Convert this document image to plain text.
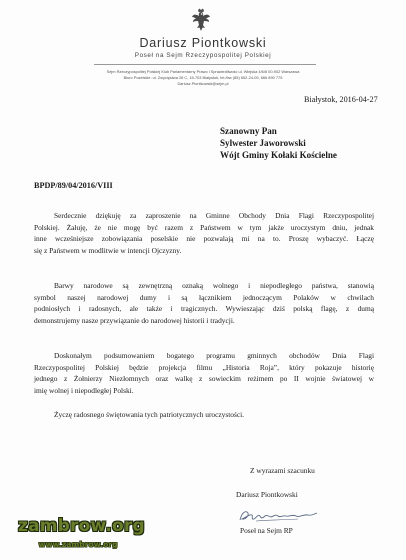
Dariusz Piontkowski
Poseł na Sejm Rzeczypospolitej Polskiej
Sejm Rzeczypospolitej Polskiej Klub Parlamentarny Prawo i Sprawiedliwość ul. Wiejska 4/6/8 00-902 Warszawa
Biuro Poselskie: ul. Zwycięstwa 26 C, 15-703 Białystok, tel./fax (85) 652-24-09, 666 890 775
Dariusz.Piontkowski@sejm.pl
Białystok, 2016-04-27
Szanowny Pan
Sylwester Jaworowski
Wójt Gminy Kołaki Kościelne
BPDP/89/04/2016/VIII
Serdecznie dziękuję za zaproszenie na Gminne Obchody Dnia Flagi Rzeczypospolitej
Polskiej. Żałuję, że nie mogę być razem z Państwem w tym jakże uroczystym dniu, jednak
inne wcześniejsze zobowiązania poselskie nie pozwalają mi na to. Proszę wybaczyć. Łączę
się z Państwem w modlitwie w intencji Ojczyzny.
Barwy narodowe są zewnętrzną oznaką wolnego i niepodległego państwa, stanowią
symbol naszej narodowej dumy i są łącznikiem jednoczącym Polaków w chwilach
podniosłych i radosnych, ale także i tragicznych. Wywieszając dziś polską flagę, z dumą
demonstrujemy nasze przywiązanie do narodowej historii i tradycji.
Doskonałym podsumowaniem bogatego programu gminnych obchodów Dnia Flagi
Rzeczypospolitej Polskiej będzie projekcja filmu „Historia Roja”, który pokazuje historię
jednego z Żołnierzy Niezłomnych oraz walkę z sowieckim reżimem po II wojnie światowej w
imię wolnej i niepodległej Polski.
Życzę radosnego świętowania tych patriotycznych uroczystości.
Z wyrazami szacunku
Dariusz Piontkowski
Poseł na Sejm RP
zambrow.org
www.zambrow.org
